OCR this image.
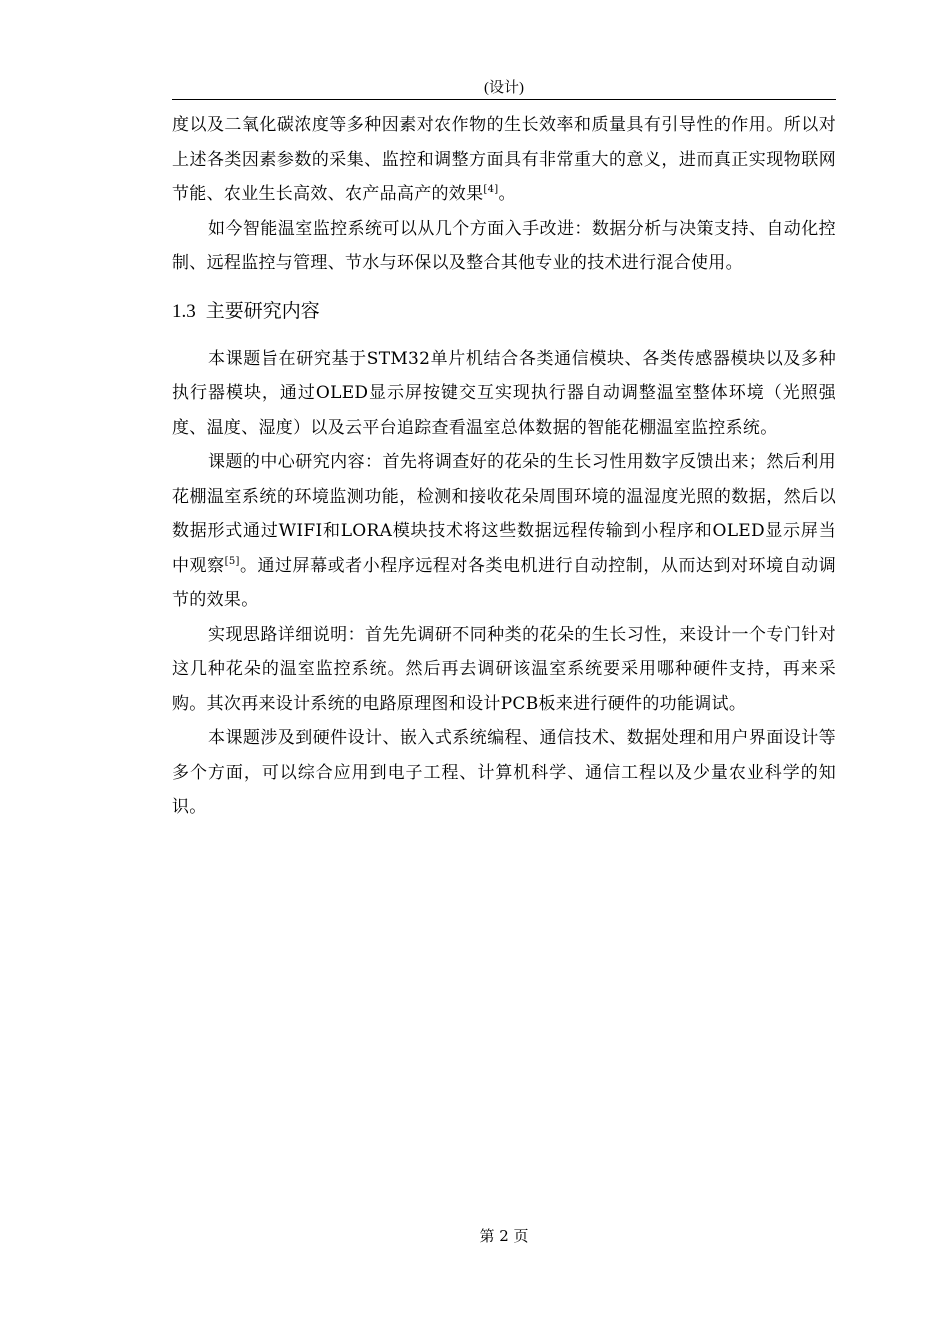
(设计)

度以及二氧化碳浓度等多种因素对农作物的生长效率和质量具有引导性的作用。所以对上述各类因素参数的采集、监控和调整方面具有非常重大的意义，进而真正实现物联网节能、农业生长高效、农产品高产的效果[4]。

如今智能温室监控系统可以从几个方面入手改进：数据分析与决策支持、自动化控制、远程监控与管理、节水与环保以及整合其他专业的技术进行混合使用。

1.3 主要研究内容

本课题旨在研究基于STM32单片机结合各类通信模块、各类传感器模块以及多种执行器模块，通过OLED显示屏按键交互实现执行器自动调整温室整体环境（光照强度、温度、湿度）以及云平台追踪查看温室总体数据的智能花棚温室监控系统。

课题的中心研究内容：首先将调查好的花朵的生长习性用数字反馈出来；然后利用花棚温室系统的环境监测功能，检测和接收花朵周围环境的温湿度光照的数据，然后以数据形式通过WIFI和LORA模块技术将这些数据远程传输到小程序和OLED显示屏当中观察[5]。通过屏幕或者小程序远程对各类电机进行自动控制，从而达到对环境自动调节的效果。

实现思路详细说明：首先先调研不同种类的花朵的生长习性，来设计一个专门针对这几种花朵的温室监控系统。然后再去调研该温室系统要采用哪种硬件支持，再来采购。其次再来设计系统的电路原理图和设计PCB板来进行硬件的功能调试。

本课题涉及到硬件设计、嵌入式系统编程、通信技术、数据处理和用户界面设计等多个方面，可以综合应用到电子工程、计算机科学、通信工程以及少量农业科学的知识。

第 2 页
